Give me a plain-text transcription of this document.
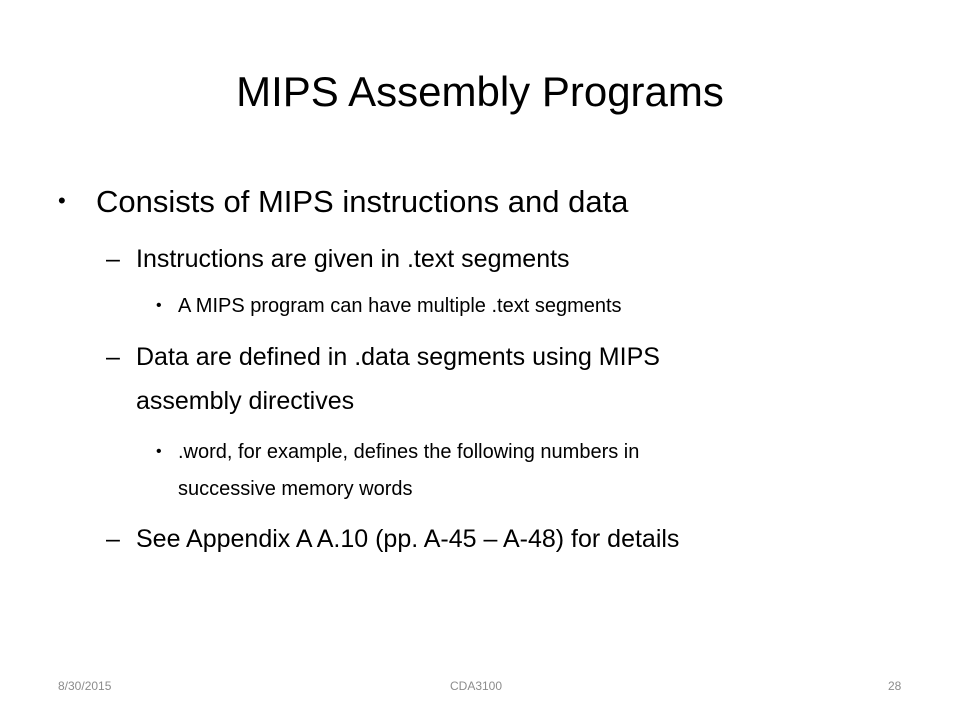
MIPS Assembly Programs
• Consists of MIPS instructions and data
– Instructions are given in .text segments
• A MIPS program can have multiple .text segments
– Data are defined in .data segments using MIPS
assembly directives
• .word, for example, defines the following numbers in
successive memory words
– See Appendix A A.10 (pp. A-45 – A-48) for details
8/30/2015	CDA3100	28
